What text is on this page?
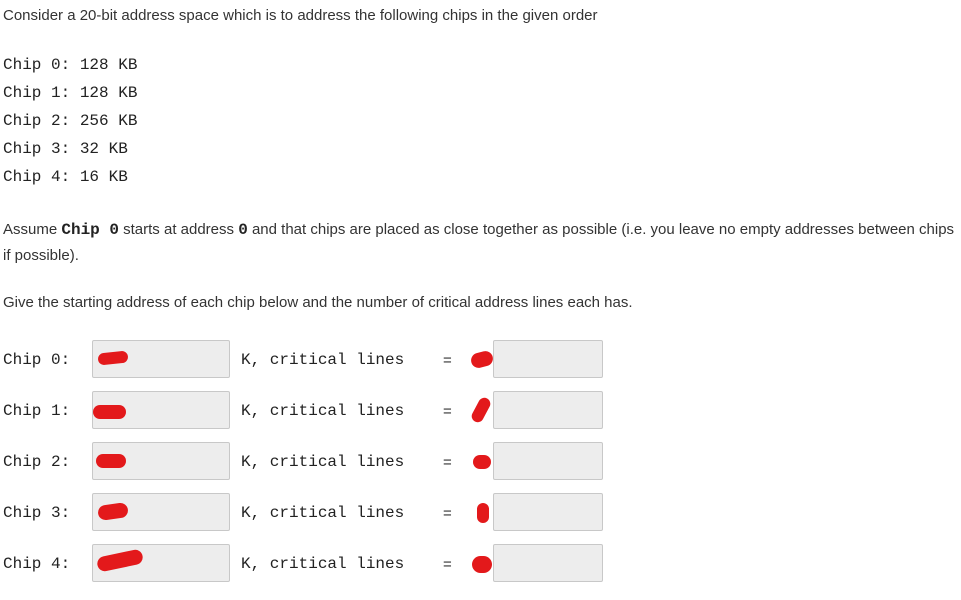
Consider a 20-bit address space which is to address the following chips in the given order
Chip 0: 128 KB
Chip 1: 128 KB
Chip 2: 256 KB
Chip 3: 32 KB
Chip 4: 16 KB
Assume Chip 0 starts at address 0 and that chips are placed as close together as possible (i.e. you leave no empty addresses between chips if possible).
Give the starting address of each chip below and the number of critical address lines each has.
Chip 0:	K, critical lines	=
Chip 1:	K, critical lines	=
Chip 2:	K, critical lines	=
Chip 3:	K, critical lines	=
Chip 4:	K, critical lines	=
